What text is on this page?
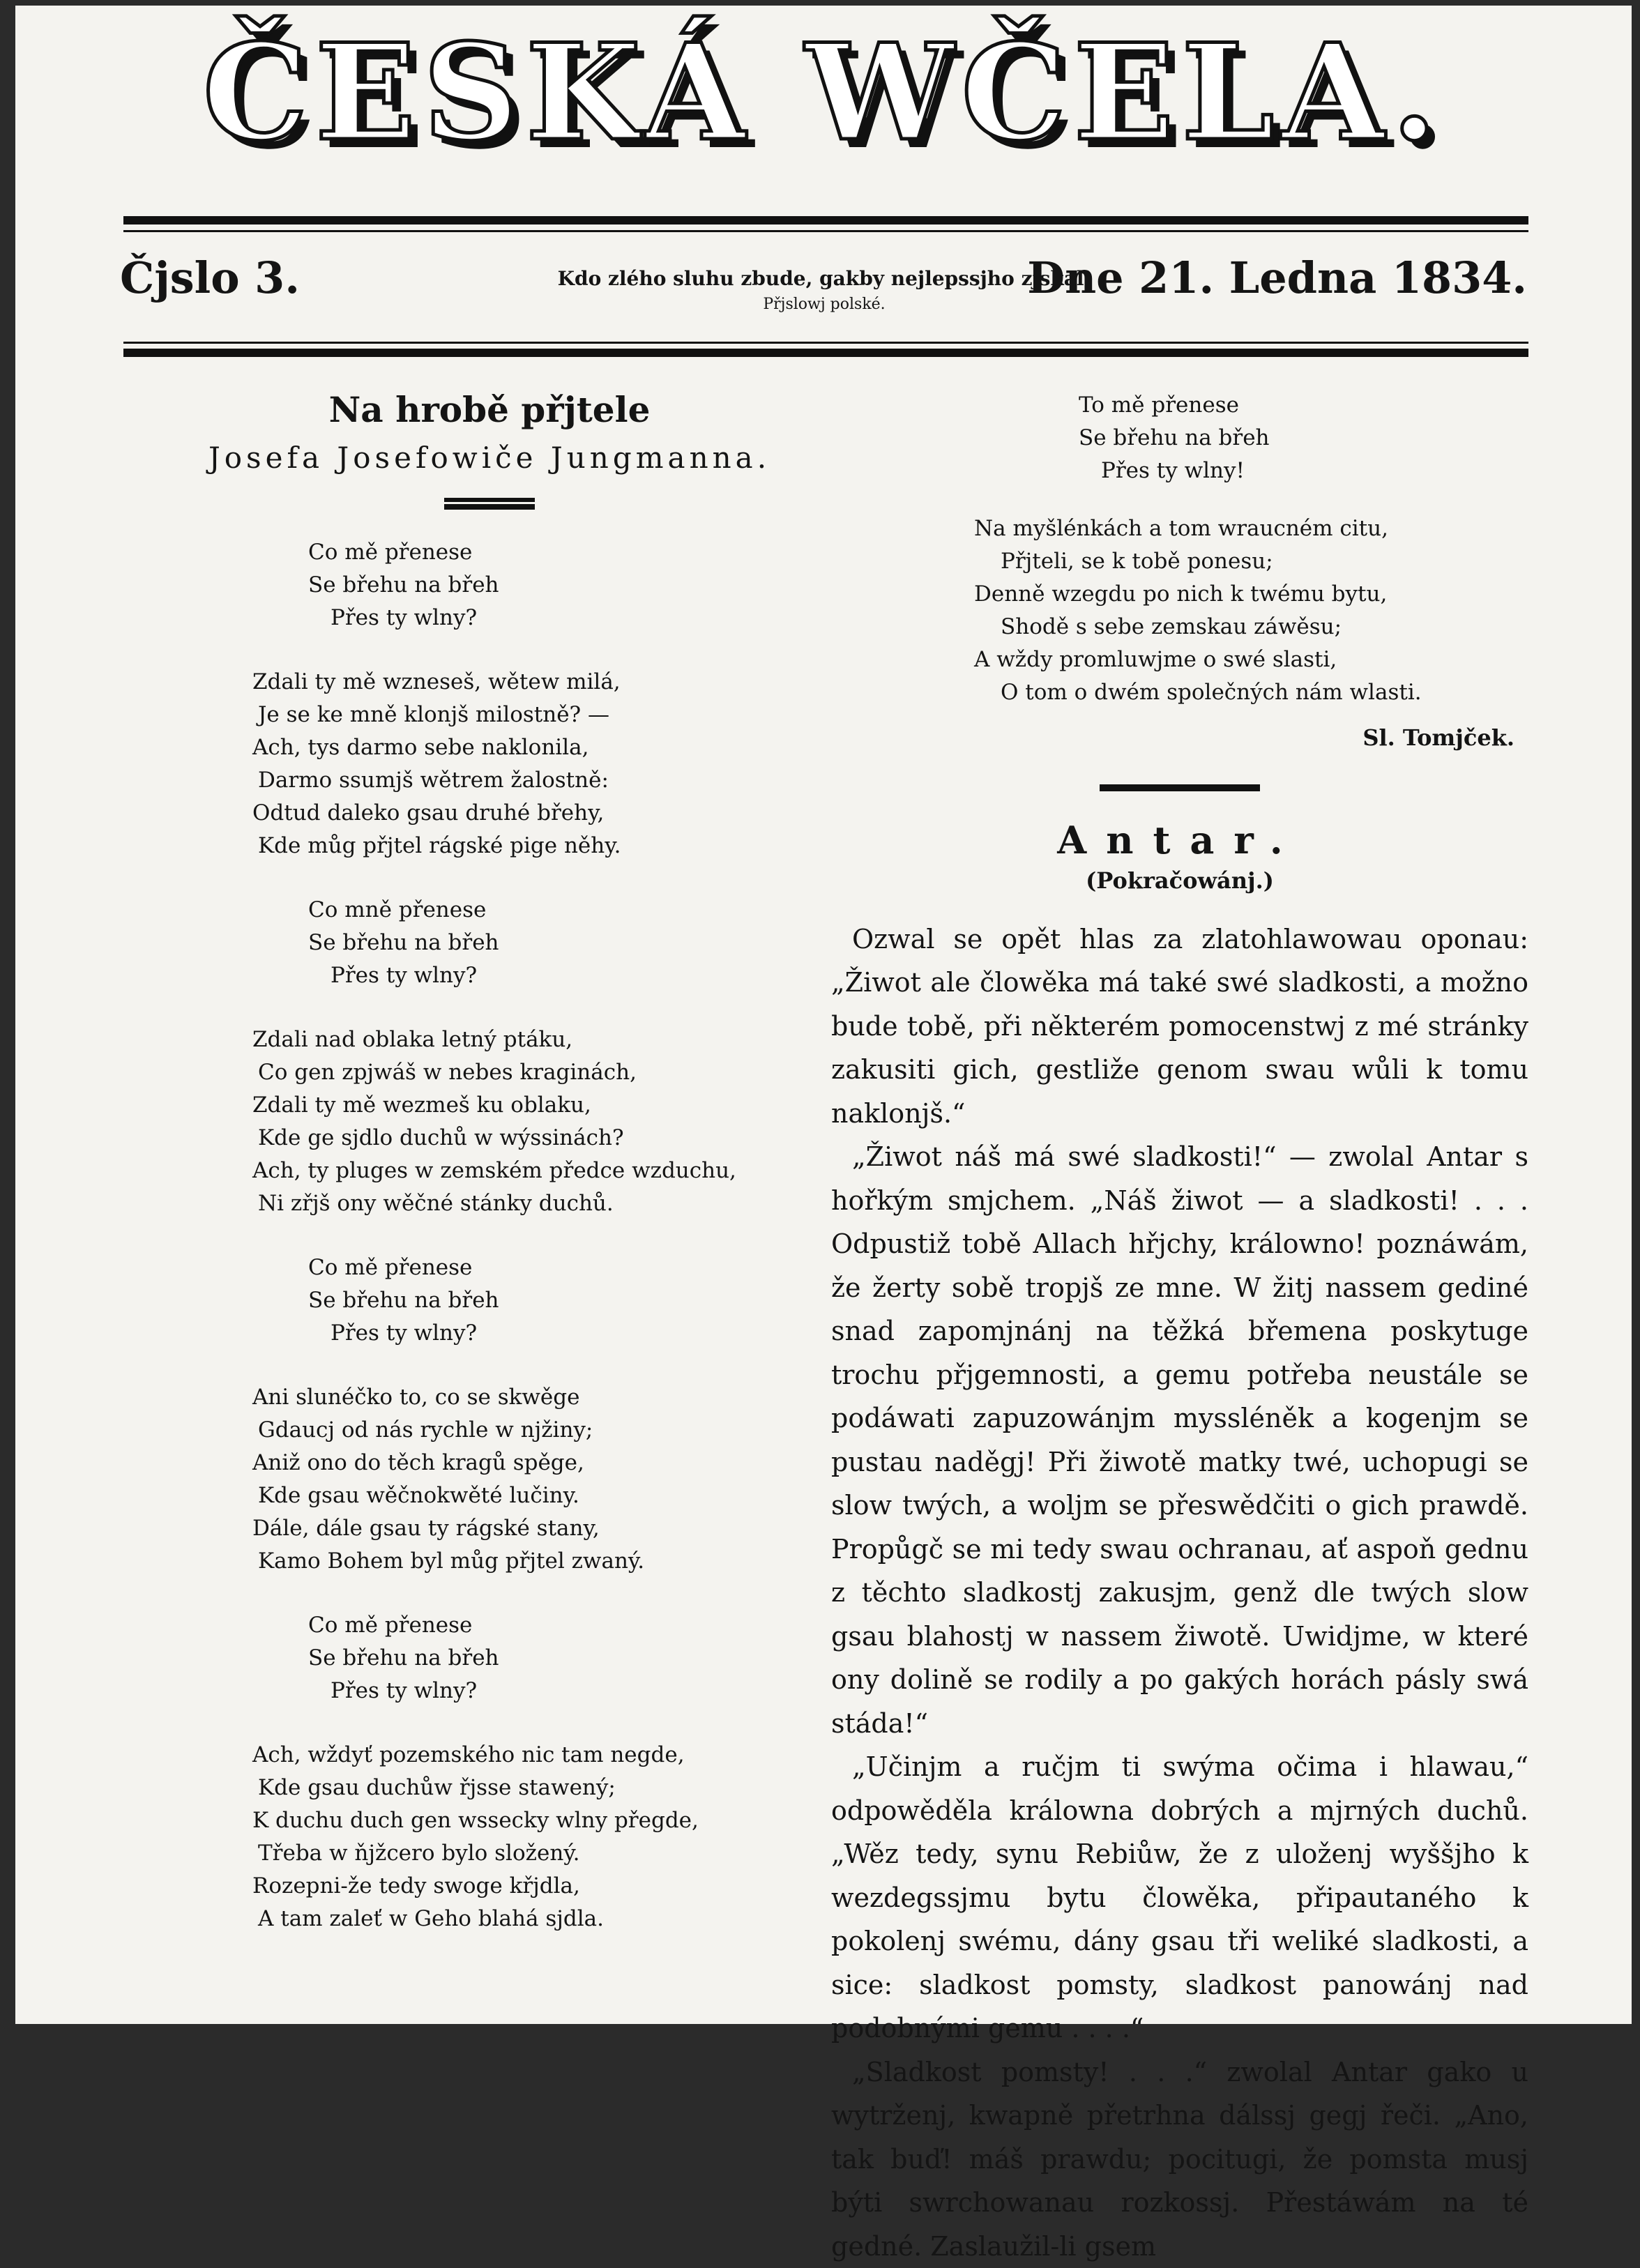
ČESKÁ WČELA.
Čjslo 3.	Kdo zlého sluhu zbude, gakby nejlepssjho zjskal.
Přjslowj polské.
Dne 21. Ledna 1834.
Na hrobě přjtele
Josefa Josefowiče Jungmanna.
Co mě přenese
Se břehu na břeh
Přes ty wlny?
Zdali ty mě wzneseš, wětew milá,
Je se ke mně klonjš milostně? —
Ach, tys darmo sebe naklonila,
Darmo ssumjš wětrem žalostně:
Odtud daleko gsau druhé břehy,
Kde můg přjtel rágské pige něhy.
Co mně přenese
Se břehu na břeh
Přes ty wlny?
Zdali nad oblaka letný ptáku,
Co gen zpjwáš w nebes kraginách,
Zdali ty mě wezmeš ku oblaku,
Kde ge sjdlo duchů w wýssinách?
Ach, ty pluges w zemském předce wzduchu,
Ni zřjš ony wěčné stánky duchů.
Co mě přenese
Se břehu na břeh
Přes ty wlny?
Ani slunéčko to, co se skwěge
Gdaucj od nás rychle w njžiny;
Aniž ono do těch kragů spěge,
Kde gsau wěčnokwěté lučiny.
Dále, dále gsau ty rágské stany,
Kamo Bohem byl můg přjtel zwaný.
Co mě přenese
Se břehu na břeh
Přes ty wlny?
Ach, wždyť pozemského nic tam negde,
Kde gsau duchůw řjsse stawený;
K duchu duch gen wssecky wlny přegde,
Třeba w ňjžcero bylo složený.
Rozepni-že tedy swoge křjdla,
A tam zaleť w Geho blahá sjdla.
To mě přenese
Se břehu na břeh
Přes ty wlny!
Na myšlénkách a tom wraucném citu,
Přjteli, se k tobě ponesu;
Denně wzegdu po nich k twému bytu,
Shodě s sebe zemskau záwěsu;
A wždy promluwjme o swé slasti,
O tom o dwém společných nám wlasti.
Sl. Tomjček.
Antar.
(Pokračowánj.)

Ozwal se opět hlas za zlatohlawowau oponau: „Žiwot ale člowěka má také swé sladkosti, a možno bude tobě, při některém pomocenstwj z mé stránky zakusiti gich, gestliže genom swau wůli k tomu naklonjš.“

„Žiwot náš má swé sladkosti!“ — zwolal Antar s hořkým smjchem. „Náš žiwot — a sladkosti! . . . Odpustiž tobě Allach hřjchy, králowno! poznáwám, že žerty sobě tropjš ze mne. W žitj nassem gediné snad zapomjnánj na těžká břemena poskytuge trochu přjgemnosti, a gemu potřeba neustále se podáwati zapuzowánjm myssléněk a kogenjm se pustau naděgj! Při žiwotě matky twé, uchopugi se slow twých, a woljm se přeswědčiti o gich prawdě. Propůgč se mi tedy swau ochranau, ať aspoň gednu z těchto sladkostj zakusjm, genž dle twých slow gsau blahostj w nassem žiwotě. Uwidjme, w které ony dolině se rodily a po gakých horách pásly swá stáda!“

„Učinjm a ručjm ti swýma očima i hlawau,“ odpowěděla králowna dobrých a mjrných duchů. „Wěz tedy, synu Rebiůw, že z uloženj wyššjho k wezdegssjmu bytu člowěka, připautaného k pokolenj swému, dány gsau tři weliké sladkosti, a sice: sladkost pomsty, sladkost panowánj nad podobnými gemu . . . .“

„Sladkost pomsty! . . .“ zwolal Antar gako u wytrženj, kwapně přetrhna dálssj gegj řeči. „Ano, tak buď! máš prawdu; pocitugi, že pomsta musj býti swrchowanau rozkossj. Přestáwám na té gedné. Zaslaužil-li gsem
